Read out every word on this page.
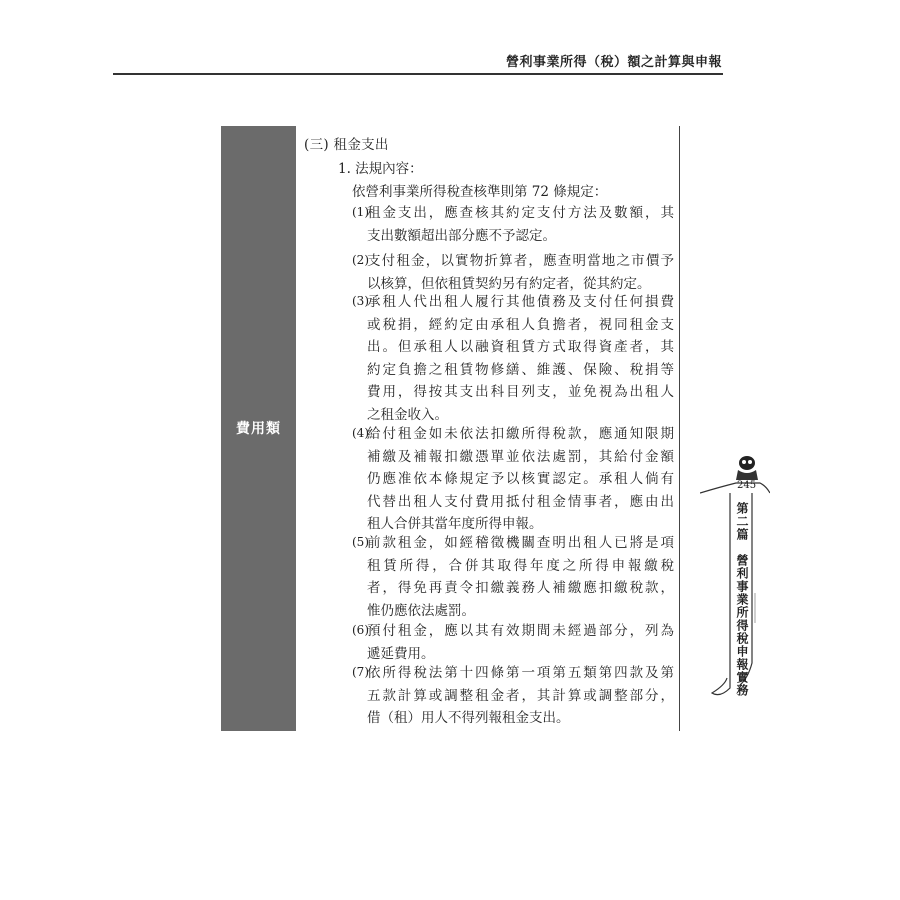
營利事業所得（稅）額之計算與申報
費用類
(三) 租金支出
1. 法規內容：
依營利事業所得稅查核準則第 72 條規定：
(1)
租金支出，應查核其約定支付方法及數額，其
支出數額超出部分應不予認定。
(2)
支付租金，以實物折算者，應查明當地之市價予
以核算，但依租賃契約另有約定者，從其約定。
(3)
承租人代出租人履行其他債務及支付任何損費
或稅捐，經約定由承租人負擔者，視同租金支
出。但承租人以融資租賃方式取得資產者，其
約定負擔之租賃物修繕、維護、保險、稅捐等
費用，得按其支出科目列支，並免視為出租人
之租金收入。
(4)
給付租金如未依法扣繳所得稅款，應通知限期
補繳及補報扣繳憑單並依法處罰，其給付金額
仍應准依本條規定予以核實認定。承租人倘有
代替出租人支付費用抵付租金情事者，應由出
租人合併其當年度所得申報。
(5)
前款租金，如經稽徵機關查明出租人已將是項
租賃所得，合併其取得年度之所得申報繳稅
者，得免再責令扣繳義務人補繳應扣繳稅款，
惟仍應依法處罰。
(6)
預付租金，應以其有效期間未經過部分，列為
遞延費用。
(7)
依所得稅法第十四條第一項第五類第四款及第
五款計算或調整租金者，其計算或調整部分，
借（租）用人不得列報租金支出。
245
第二篇 營利事業所得稅申報實務
